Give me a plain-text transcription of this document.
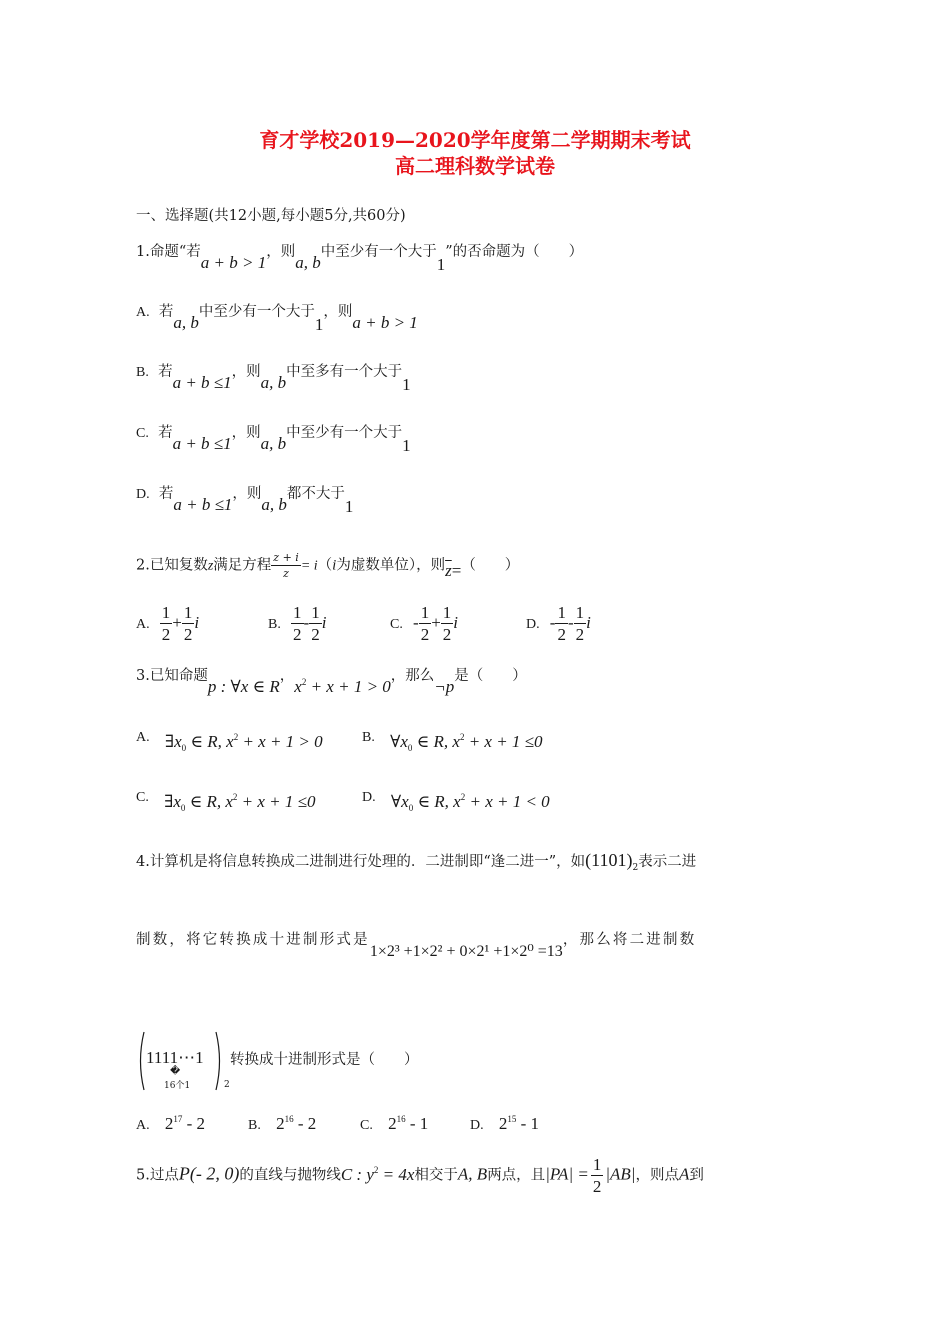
育才学校2019—2020学年度第二学期期末考试
高二理科数学试卷
一、选择题(共12小题,每小题5分,共60分)
1.命题“若a + b > 1，则a, b中至少有一个大于1”的否命题为（　　）
A. 若a, b中至少有一个大于1，则a + b > 1
B. 若a + b ≤1，则a, b中至多有一个大于1
C. 若a + b ≤1，则a, b中至少有一个大于1
D. 若a + b ≤1，则a, b都不大于1
2.已知复数z满足方程 $\frac{z + i}{z} = i(i$为虚数单位），则$\overline{z}=$（　　）
A. $\frac{1}{2} + \frac{1}{2}$ i	B. $\frac{1}{2} - \frac{1}{2}$ i	C. - $\frac{1}{2} + \frac{1}{2}$ i	D. - $\frac{1}{2} - \frac{1}{2}$ i
3.已知命题p : ∀x ∈ R，$x^2 + x + 1 > 0$，那么¬p是（　　）
A. $\exists x_0$ ∈ R, $x^2 + x + 1 > 0$	B. $\forall x_0$ ∈ R, $x^2 + x + 1 \le 0$
C. $\exists x_0$ ∈ R, $x^2 + x + 1 \le 0$	D. $\forall x_0$ ∈ R, $x^2 + x + 1 < 0$
4.计算机是将信息转换成二进制进行处理的．二进制即“逢二进一”，如$(1101)_2$表示二进
制数，将它转换成十进制形式是1×2³ +1×2² + 0×2¹ +1×2⁰ =13，那么将二进制数
1111⋯1
�
16个1	2
转换成十进制形式是（　　）
A. $2^{17} - 2$	B. $2^{16} - 2$	C. $2^{16} - 1$	D. $2^{15} - 1$
5.过点P(- 2, 0)的直线与抛物线C : $y^2 = 4x$相交于A, B两点，且$|PA| = \frac{1}{2} |AB|$，则点A到
